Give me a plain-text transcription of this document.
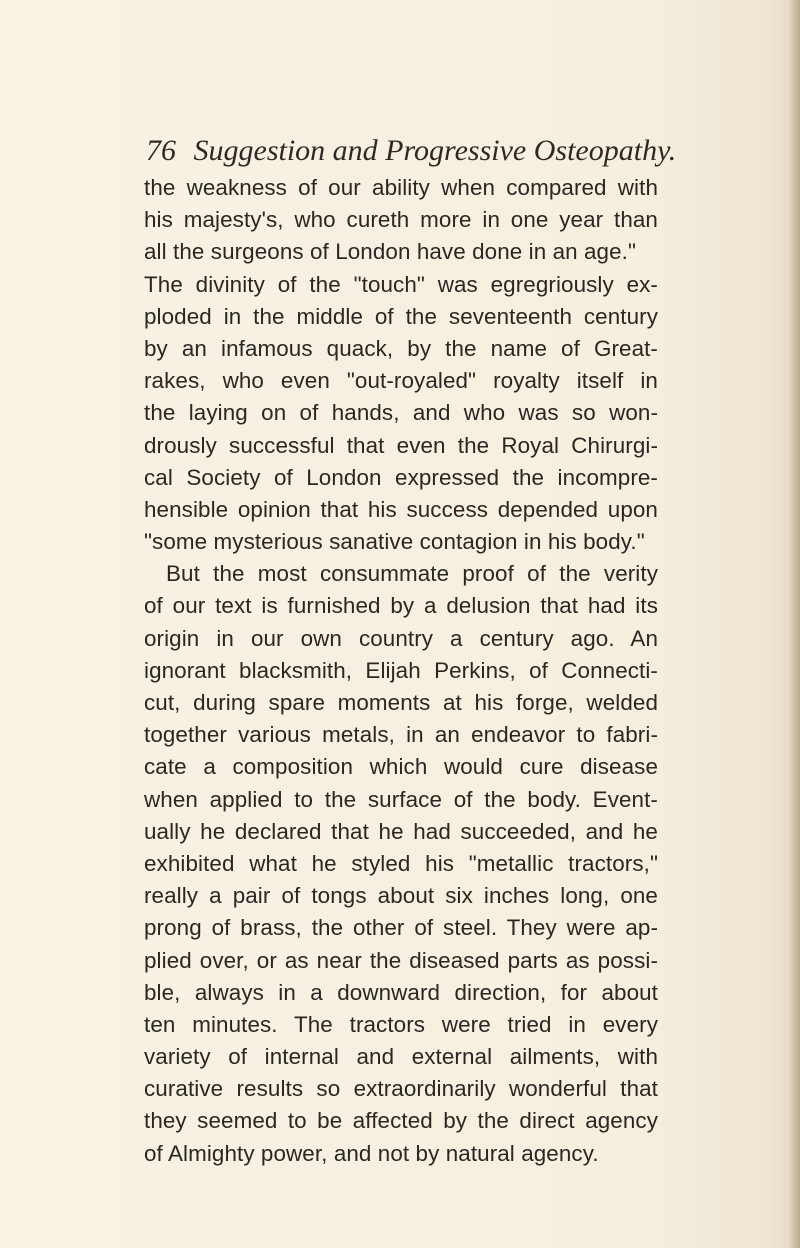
76 Suggestion and Progressive Osteopathy.
the weakness of our ability when compared with
his majesty's, who cureth more in one year than
all the surgeons of London have done in an age."
The divinity of the "touch" was egregriously ex-
ploded in the middle of the seventeenth century
by an infamous quack, by the name of Great-
rakes, who even "out-royaled" royalty itself in
the laying on of hands, and who was so won-
drously successful that even the Royal Chirurgi-
cal Society of London expressed the incompre-
hensible opinion that his success depended upon
"some mysterious sanative contagion in his body."
But the most consummate proof of the verity
of our text is furnished by a delusion that had its
origin in our own country a century ago. An
ignorant blacksmith, Elijah Perkins, of Connecti-
cut, during spare moments at his forge, welded
together various metals, in an endeavor to fabri-
cate a composition which would cure disease
when applied to the surface of the body. Event-
ually he declared that he had succeeded, and he
exhibited what he styled his "metallic tractors,"
really a pair of tongs about six inches long, one
prong of brass, the other of steel. They were ap-
plied over, or as near the diseased parts as possi-
ble, always in a downward direction, for about
ten minutes. The tractors were tried in every
variety of internal and external ailments, with
curative results so extraordinarily wonderful that
they seemed to be affected by the direct agency
of Almighty power, and not by natural agency.
